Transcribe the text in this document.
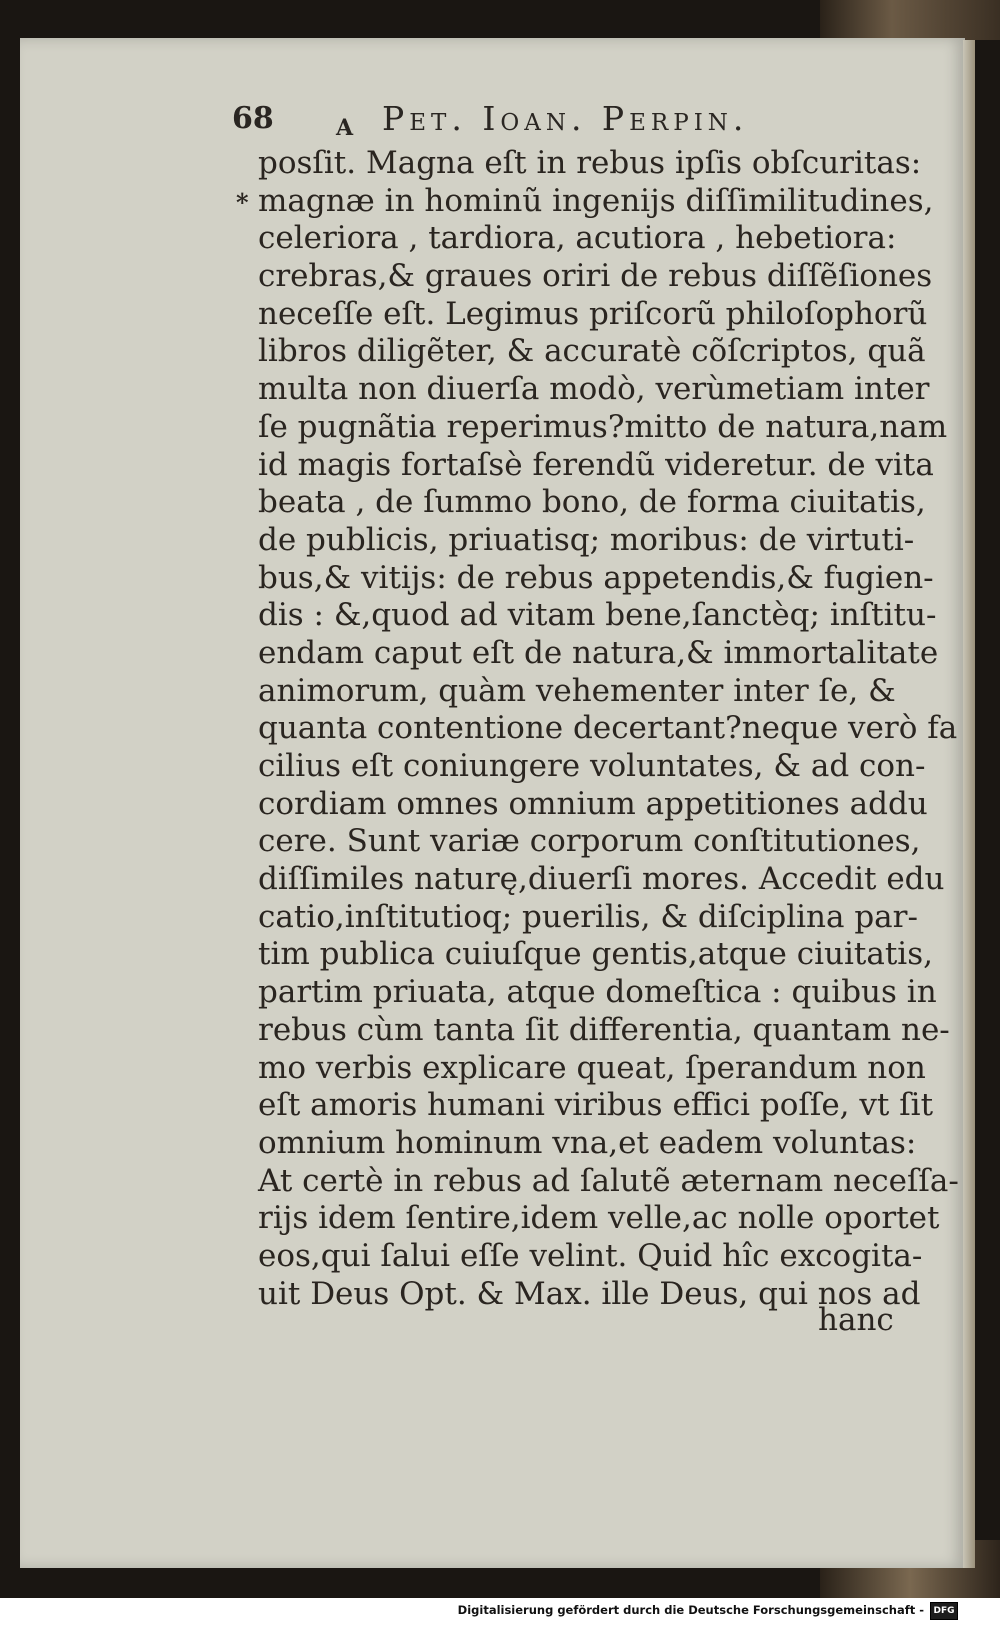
68	A Pet. Ioan. Perpin.
*
posſit. Magna eſt in rebus ipſis obſcuritas:
magnæ in hominũ ingenijs diſſimilitudines,
celeriora , tardiora, acutiora , hebetiora:
crebras,& graues oriri de rebus diſſẽſiones
neceſſe eſt. Legimus priſcorũ philoſophorũ
libros diligẽter, & accuratè cõſcriptos, quã
multa non diuerſa modò, verùmetiam inter
ſe pugnãtia reperimus?mitto de natura,nam
id magis fortaſsè ferendũ videretur. de vita
beata , de ſummo bono, de forma ciuitatis,
de publicis, priuatisq; moribus: de virtuti-
bus,& vitijs: de rebus appetendis,& fugien-
dis : &,quod ad vitam bene,ſanctèq; inſtitu-
endam caput eſt de natura,& immortalitate
animorum, quàm vehementer inter ſe, &
quanta contentione decertant?neque verò fa
cilius eſt coniungere voluntates, & ad con-
cordiam omnes omnium appetitiones addu
cere. Sunt variæ corporum conſtitutiones,
diſſimiles naturę,diuerſi mores. Accedit edu
catio,inſtitutioq; puerilis, & diſciplina par-
tim publica cuiuſque gentis,atque ciuitatis,
partim priuata, atque domeſtica : quibus in
rebus cùm tanta ſit differentia, quantam ne-
mo verbis explicare queat, ſperandum non
eſt amoris humani viribus effici poſſe, vt ſit
omnium hominum vna,et eadem voluntas:
At certè in rebus ad ſalutẽ æternam neceſſa-
rijs idem ſentire,idem velle,ac nolle oportet
eos,qui ſalui eſſe velint. Quid hîc excogita-
uit Deus Opt. & Max. ille Deus, qui nos ad
hanc
Digitalisierung gefördert durch die Deutsche Forschungsgemeinschaft -	DFG
